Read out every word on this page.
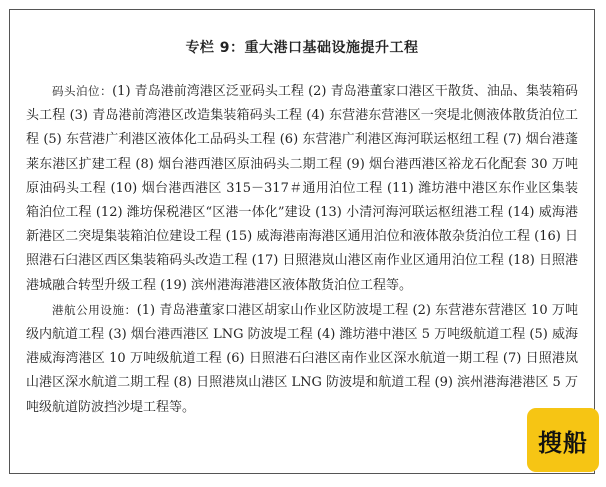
专栏 9：重大港口基础设施提升工程

码头泊位：(1) 青岛港前湾港区泛亚码头工程 (2) 青岛港董家口港区干散货、油品、集装箱码头工程 (3) 青岛港前湾港区改造集装箱码头工程 (4) 东营港东营港区一突堤北侧液体散货泊位工程 (5) 东营港广利港区液体化工品码头工程 (6) 东营港广利港区海河联运枢纽工程 (7) 烟台港蓬莱东港区扩建工程 (8) 烟台港西港区原油码头二期工程 (9) 烟台港西港区裕龙石化配套 30 万吨原油码头工程 (10) 烟台港西港区 315－317＃通用泊位工程 (11) 潍坊港中港区东作业区集装箱泊位工程 (12) 潍坊保税港区“区港一体化”建设 (13) 小清河海河联运枢纽港工程 (14) 威海港新港区二突堤集装箱泊位建设工程 (15) 威海港南海港区通用泊位和液体散杂货泊位工程 (16) 日照港石臼港区西区集装箱码头改造工程 (17) 日照港岚山港区南作业区通用泊位工程 (18) 日照港港城融合转型升级工程 (19) 滨州港海港港区液体散货泊位工程等。

港航公用设施：(1) 青岛港董家口港区胡家山作业区防波堤工程 (2) 东营港东营港区 10 万吨级内航道工程 (3) 烟台港西港区 LNG 防波堤工程 (4) 潍坊港中港区 5 万吨级航道工程 (5) 威海港威海湾港区 10 万吨级航道工程 (6) 日照港石臼港区南作业区深水航道一期工程 (7) 日照港岚山港区深水航道二期工程 (8) 日照港岚山港区 LNG 防波堤和航道工程 (9) 滨州港海港港区 5 万吨级航道防波挡沙堤工程等。

搜船
